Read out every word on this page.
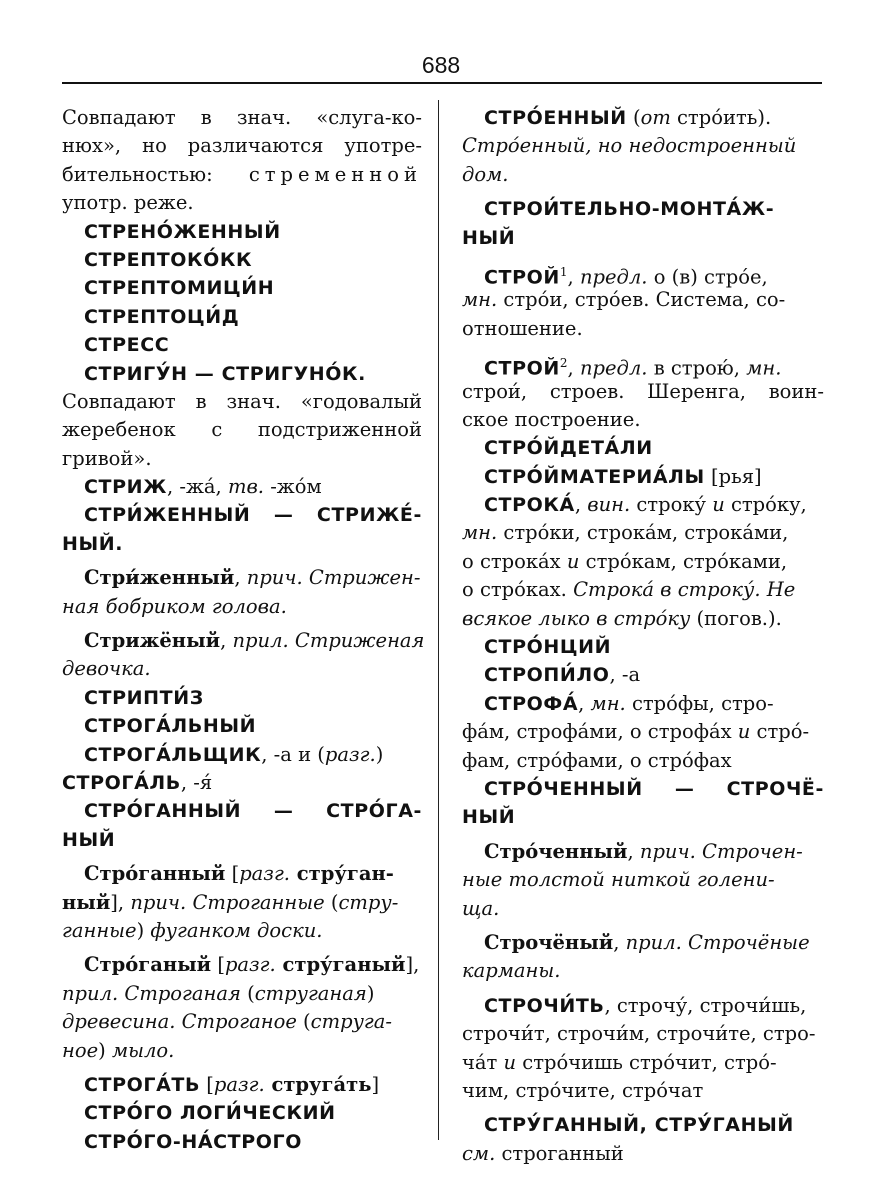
688
Совпадают в знач. «слуга-ко-
нюх», но различаются употре-
бительностью: стременной
употр. реже.
СТРЕНО́ЖЕННЫЙ
СТРЕПТОКО́КК
СТРЕПТОМИЦИ́Н
СТРЕПТОЦИ́Д
СТРЕСС
СТРИГУ́Н — СТРИГУНО́К.
Совпадают в знач. «годовалый
жеребенок с подстриженной
гривой».
СТРИЖ, -жа́, тв. -жо́м
СТРИ́ЖЕННЫЙ — СТРИЖЕ́-
НЫЙ.
Стри́женный, прич. Стрижен-
ная бобриком голова.
Стрижёный, прил. Стриженая
девочка.
СТРИПТИ́З
СТРОГА́ЛЬНЫЙ
СТРОГА́ЛЬЩИК, -а и (разг.)
СТРОГА́ЛЬ, -я́
СТРО́ГАННЫЙ — СТРО́ГА-
НЫЙ
Стро́ганный [разг. стру́ган-
ный], прич. Строганные (стру-
ганные) фуганком доски.
Стро́ганый [разг. стру́ганый],
прил. Строганая (струганая)
древесина. Строганое (струга-
ное) мыло.
СТРОГА́ТЬ [разг. струга́ть]
СТРО́ГО ЛОГИ́ЧЕСКИЙ
СТРО́ГО-НА́СТРОГО
СТРО́ЕННЫЙ (от стро́ить).
Стро́енный, но недостроенный
дом.
СТРОИ́ТЕЛЬНО-МОНТА́Ж-
НЫЙ
СТРОЙ$^1$, предл. о (в) стро́е,
мн. стро́и, стро́ев. Система, со-
отношение.
СТРОЙ$^2$, предл. в строю́, мн.
строи́, строев. Шеренга, воин-
ское построение.
СТРО́ЙДЕТА́ЛИ
СТРО́ЙМАТЕРИА́ЛЫ [рья]
СТРОКА́, вин. строку́ и стро́ку,
мн. стро́ки, строка́м, строка́ми,
о строка́х и стро́кам, стро́ками,
о стро́ках. Строка́ в строку́. Не
всякое лыко в стро́ку (погов.).
СТРО́НЦИЙ
СТРОПИ́ЛО, -а
СТРОФА́, мн. стро́фы, стро-
фа́м, строфа́ми, о строфа́х и стро́-
фам, стро́фами, о стро́фах
СТРО́ЧЕННЫЙ — СТРОЧЁ-
НЫЙ
Стро́ченный, прич. Строчен-
ные толстой ниткой голени-
ща.
Строчёный, прил. Строчёные
карманы.
СТРОЧИ́ТЬ, строчу́, строчи́шь,
строчи́т, строчи́м, строчи́те, стро-
ча́т и стро́чишь стро́чит, стро́-
чим, стро́чите, стро́чат
СТРУ́ГАННЫЙ, СТРУ́ГАНЫЙ
см. строганный
